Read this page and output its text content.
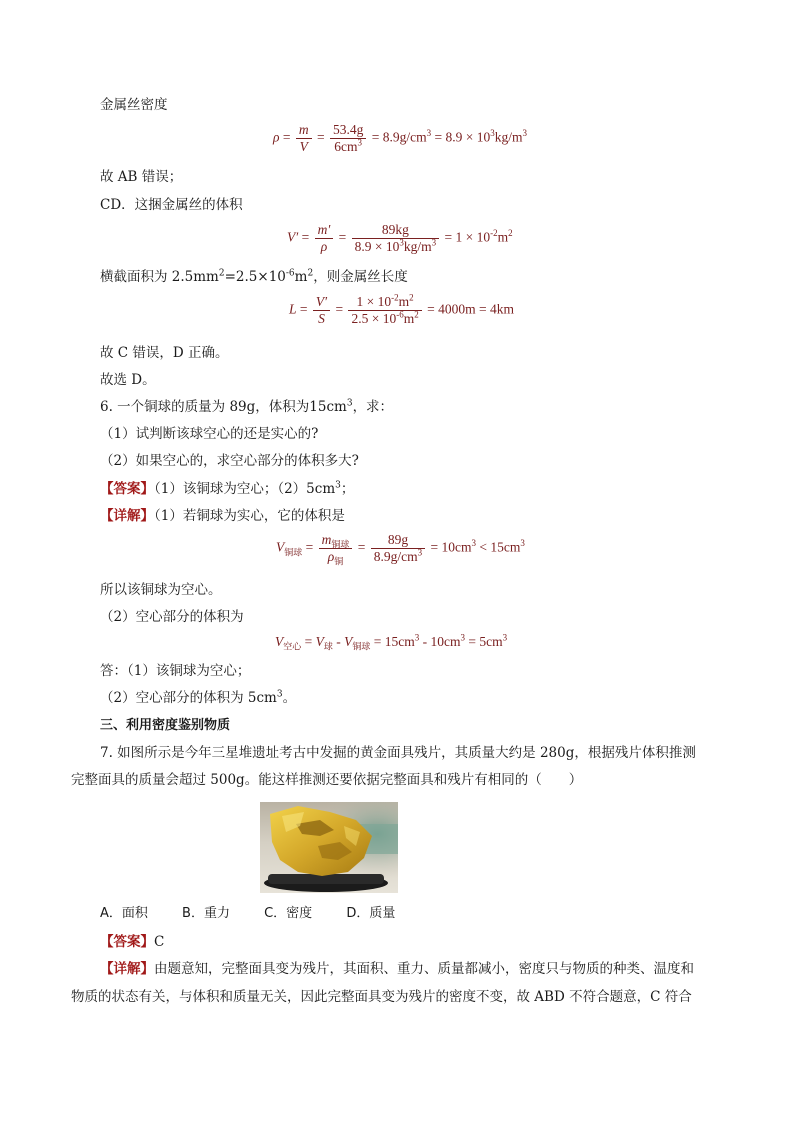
金属丝密度
$\rho = \frac{m}{V} = \frac{53.4g}{6cm^3} = 8.9g/cm^3 = 8.9 \times 10^3kg/m^3$
故 AB 错误；
CD．这捆金属丝的体积
$V' = \frac{m'}{\rho} = \frac{89kg}{8.9 \times 10^3kg/m^3} = 1 \times 10^{-2}m^2$
横截面积为 $2.5mm^2=2.5\times 10^{-6}m^2$，则金属丝长度
$L = \frac{V'}{S} = \frac{1 \times 10^{-2}m^2}{2.5 \times 10^{-6}m^2} = 4000m = 4km$
故 C 错误，D 正确。
故选 D。
6. 一个铜球的质量为 89g，体积为$15cm^3$，求：
（1）试判断该球空心的还是实心的?
（2）如果空心的，求空心部分的体积多大?
【答案】（1）该铜球为空心；$(2)5cm^3$；
【详解】（1）若铜球为实心，它的体积是
$V_{铜球} = \frac{m_{铜球}}{\rho_铜} = \frac{89g}{8.9g/cm^3} = 10cm^3 < 15cm^3$
所以该铜球为空心。
（2）空心部分的体积为
$V_{空心} = V_球 - V_{铜球} = 15cm^3 - 10cm^3 = 5cm^3$
答：（1）该铜球为空心；
（2）空心部分的体积为 $5cm^3$。
三、利用密度鉴别物质
7. 如图所示是今年三星堆遗址考古中发掘的黄金面具残片，其质量大约是 280g，根据残片体积推测
完整面具的质量会超过 500g。能这样推测还要依据完整面具和残片有相同的（　　）
A．面积	B．重力	C．密度	D．质量
【答案】C
【详解】由题意知，完整面具变为残片，其面积、重力、质量都减小，密度只与物质的种类、温度和
物质的状态有关，与体积和质量无关，因此完整面具变为残片的密度不变，故 ABD 不符合题意，C 符合
